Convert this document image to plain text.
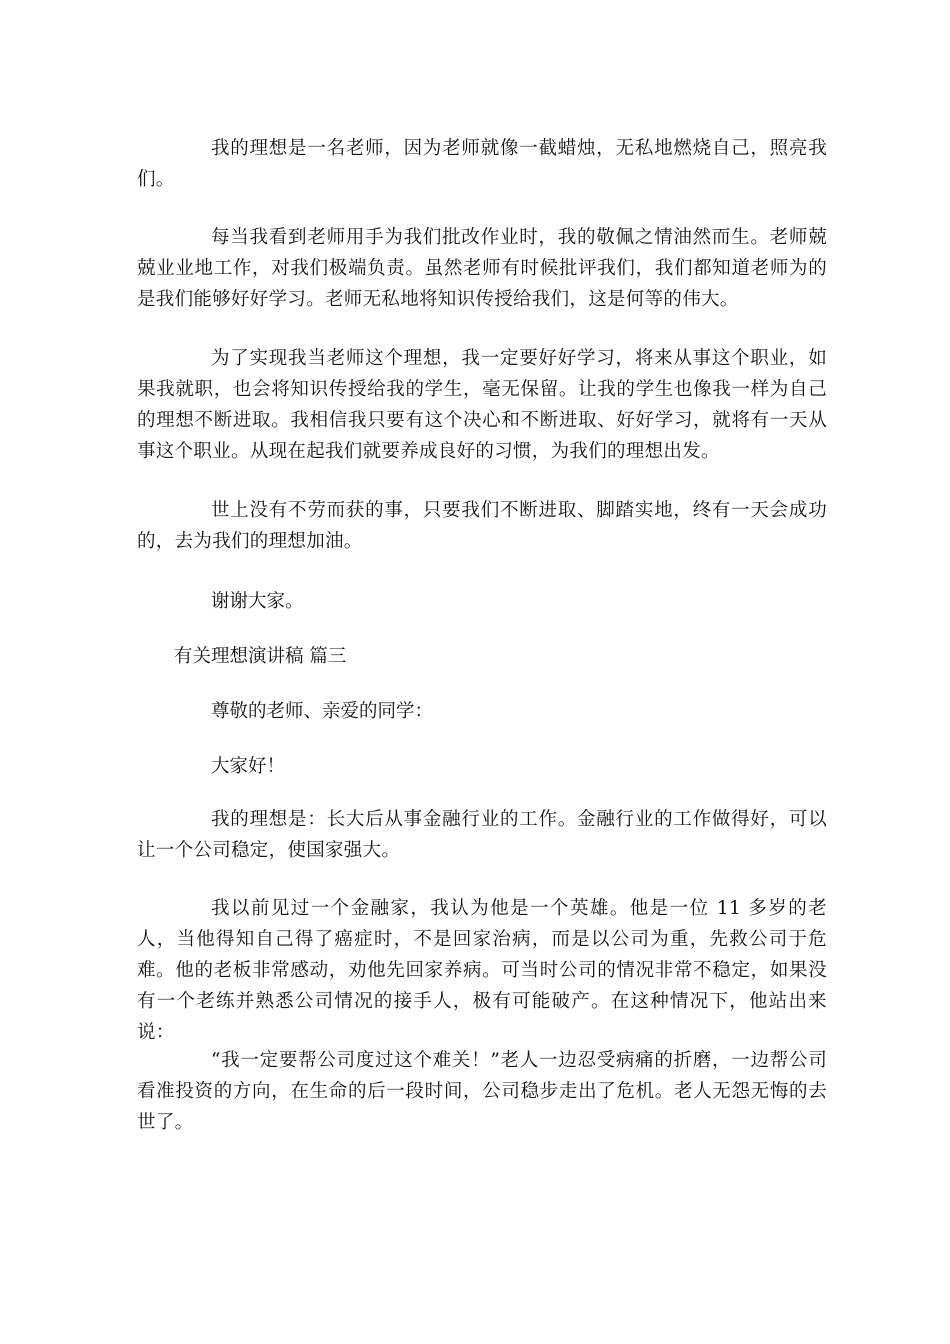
我的理想是一名老师，因为老师就像一截蜡烛，无私地燃烧自己，照亮我们。

每当我看到老师用手为我们批改作业时，我的敬佩之情油然而生。老师兢兢业业地工作，对我们极端负责。虽然老师有时候批评我们，我们都知道老师为的是我们能够好好学习。老师无私地将知识传授给我们，这是何等的伟大。

为了实现我当老师这个理想，我一定要好好学习，将来从事这个职业，如果我就职，也会将知识传授给我的学生，毫无保留。让我的学生也像我一样为自己的理想不断进取。我相信我只要有这个决心和不断进取、好好学习，就将有一天从事这个职业。从现在起我们就要养成良好的习惯，为我们的理想出发。

世上没有不劳而获的事，只要我们不断进取、脚踏实地，终有一天会成功的，去为我们的理想加油。

谢谢大家。

有关理想演讲稿 篇三

尊敬的老师、亲爱的同学：

大家好！

我的理想是：长大后从事金融行业的工作。金融行业的工作做得好，可以让一个公司稳定，使国家强大。

我以前见过一个金融家，我认为他是一个英雄。他是一位 11 多岁的老人，当他得知自己得了癌症时，不是回家治病，而是以公司为重，先救公司于危难。他的老板非常感动，劝他先回家养病。可当时公司的情况非常不稳定，如果没有一个老练并熟悉公司情况的接手人，极有可能破产。在这种情况下，他站出来说：

“我一定要帮公司度过这个难关！”老人一边忍受病痛的折磨，一边帮公司看准投资的方向，在生命的后一段时间，公司稳步走出了危机。老人无怨无悔的去世了。
